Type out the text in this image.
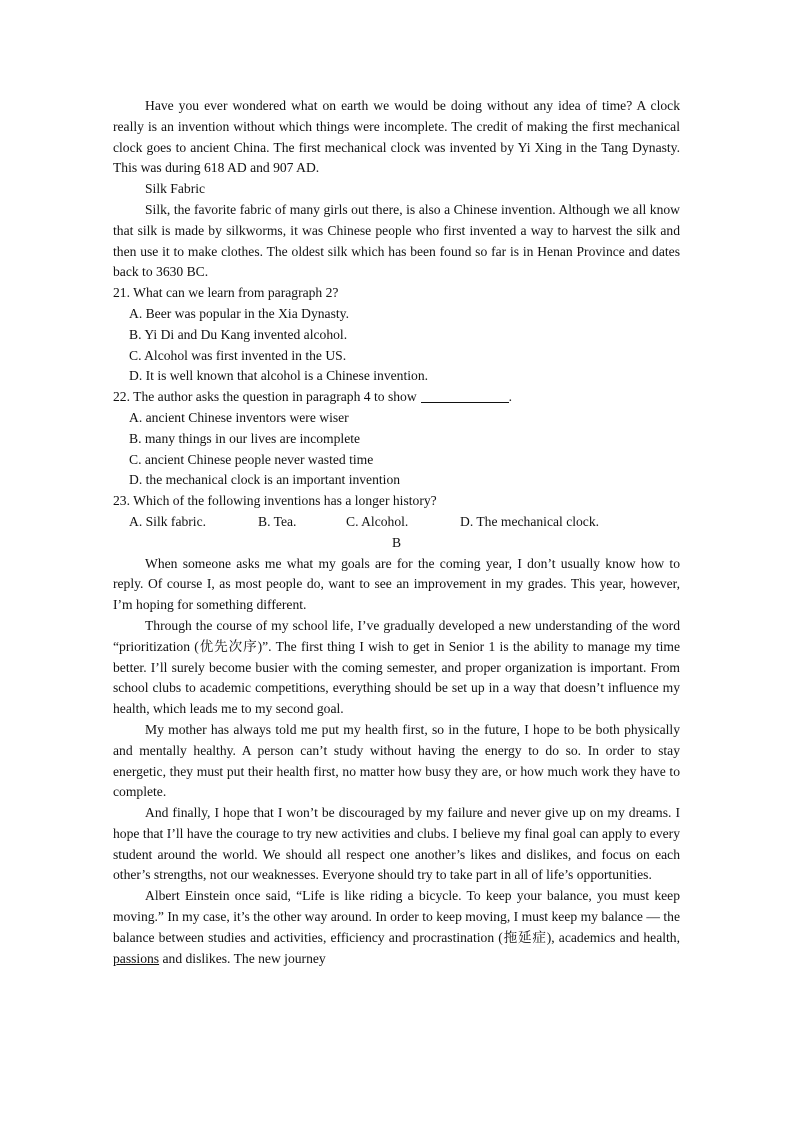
Have you ever wondered what on earth we would be doing without any idea of time? A clock really is an invention without which things were incomplete. The credit of making the first mechanical clock goes to ancient China. The first mechanical clock was invented by Yi Xing in the Tang Dynasty. This was during 618 AD and 907 AD.

Silk Fabric

Silk, the favorite fabric of many girls out there, is also a Chinese invention. Although we all know that silk is made by silkworms, it was Chinese people who first invented a way to harvest the silk and then use it to make clothes. The oldest silk which has been found so far is in Henan Province and dates back to 3630 BC.

21. What can we learn from paragraph 2?

A. Beer was popular in the Xia Dynasty.

B. Yi Di and Du Kang invented alcohol.

C. Alcohol was first invented in the US.

D. It is well known that alcohol is a Chinese invention.

22. The author asks the question in paragraph 4 to show	.

A. ancient Chinese inventors were wiser

B. many things in our lives are incomplete

C. ancient Chinese people never wasted time

D. the mechanical clock is an important invention

23. Which of the following inventions has a longer history?

A. Silk fabric.	B. Tea.	C. Alcohol.	D. The mechanical clock.

B

When someone asks me what my goals are for the coming year, I don’t usually know how to reply. Of course I, as most people do, want to see an improvement in my grades. This year, however, I’m hoping for something different.

Through the course of my school life, I’ve gradually developed a new understanding of the word “prioritization (优先次序)”. The first thing I wish to get in Senior 1 is the ability to manage my time better. I’ll surely become busier with the coming semester, and proper organization is important. From school clubs to academic competitions, everything should be set up in a way that doesn’t influence my health, which leads me to my second goal.

My mother has always told me put my health first, so in the future, I hope to be both physically and mentally healthy. A person can’t study without having the energy to do so. In order to stay energetic, they must put their health first, no matter how busy they are, or how much work they have to complete.

And finally, I hope that I won’t be discouraged by my failure and never give up on my dreams. I hope that I’ll have the courage to try new activities and clubs. I believe my final goal can apply to every student around the world. We should all respect one another’s likes and dislikes, and focus on each other’s strengths, not our weaknesses. Everyone should try to take part in all of life’s opportunities.

Albert Einstein once said, “Life is like riding a bicycle. To keep your balance, you must keep moving.” In my case, it’s the other way around. In order to keep moving, I must keep my balance — the balance between studies and activities, efficiency and procrastination (拖延症), academics and health, passions and dislikes. The new journey
